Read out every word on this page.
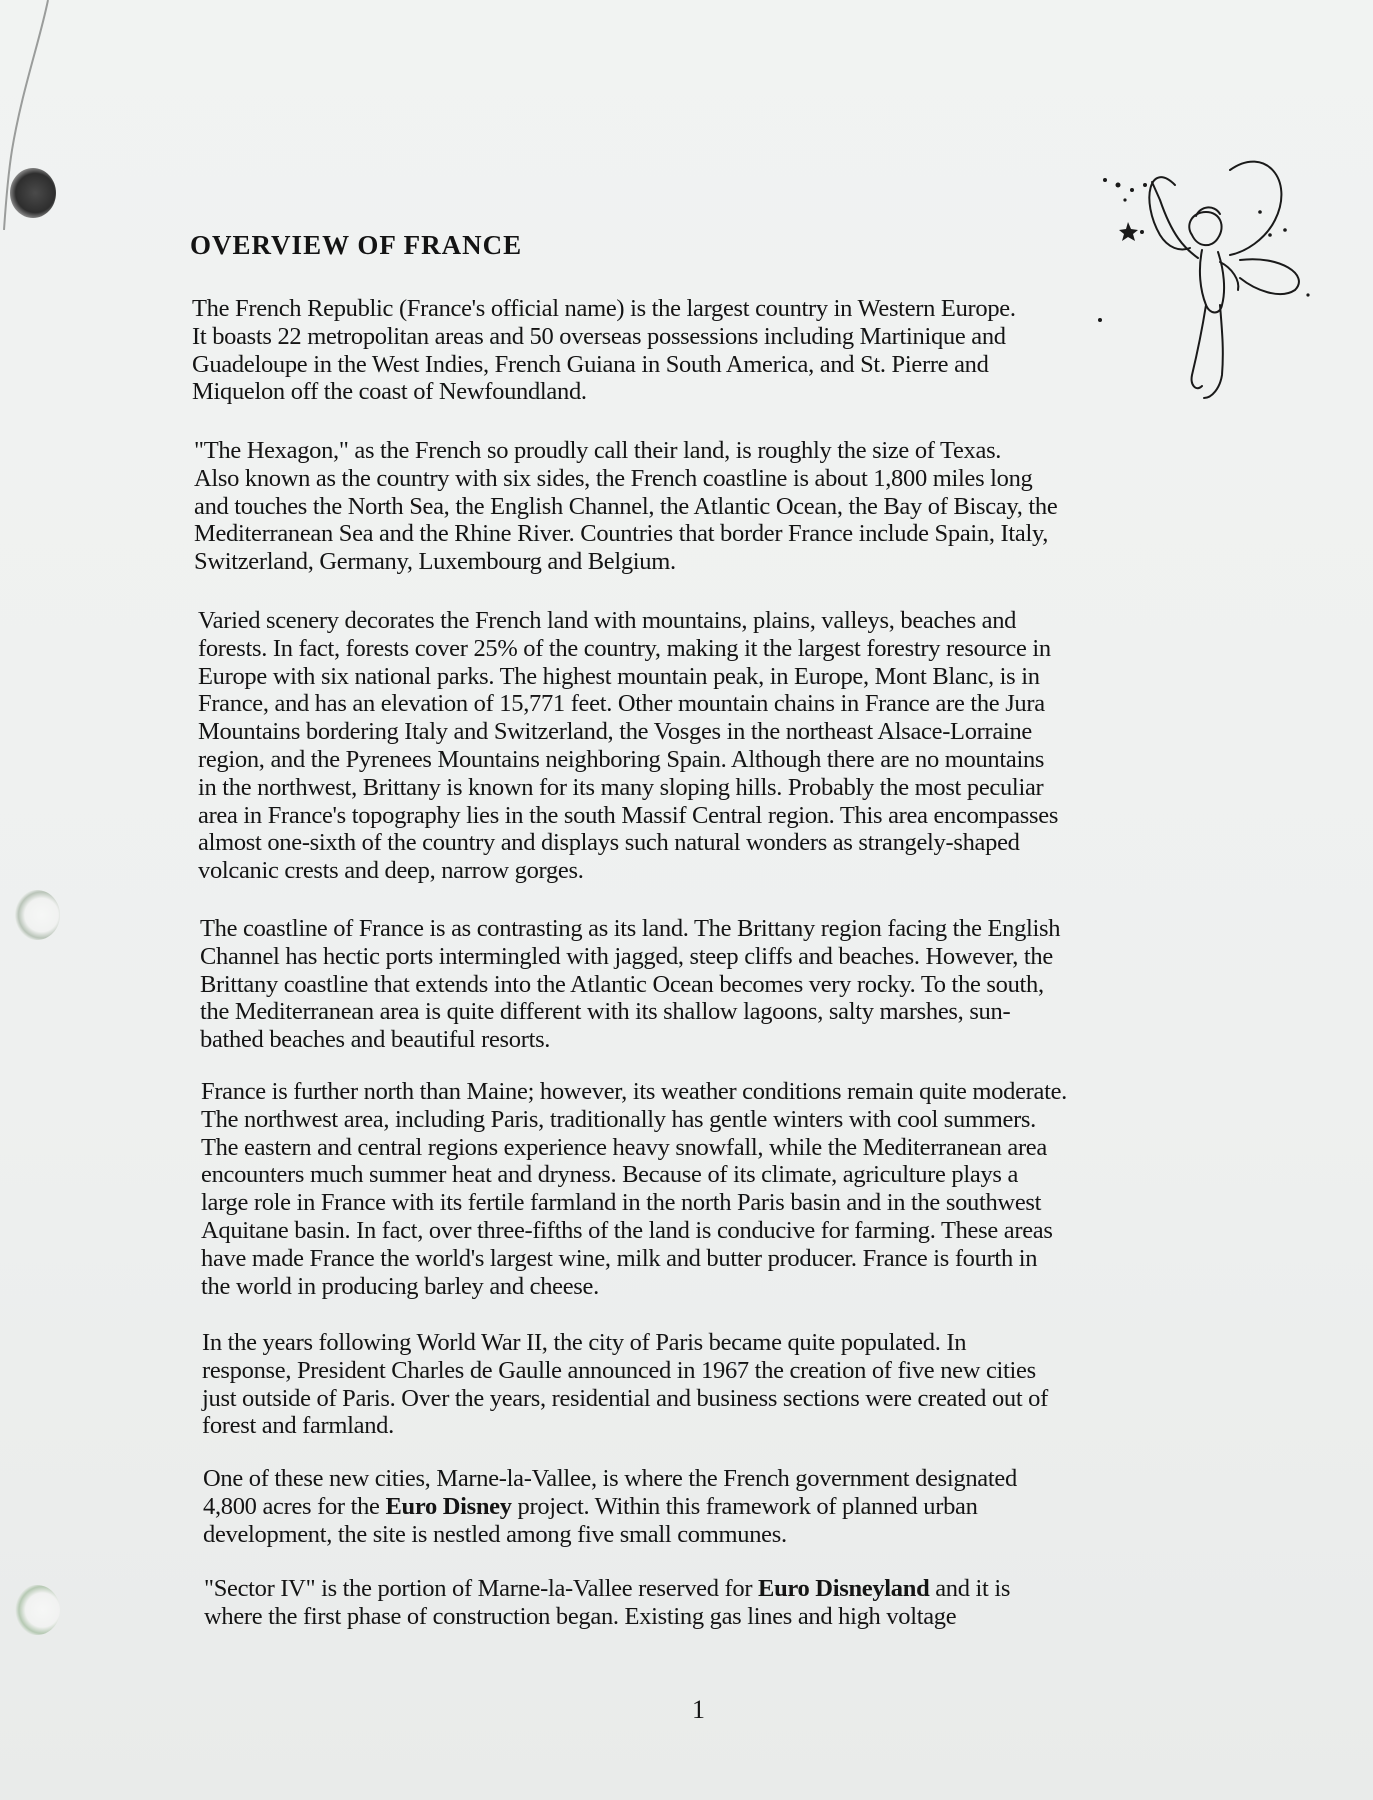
OVERVIEW OF FRANCE

The French Republic (France's official name) is the largest country in Western Europe.
It boasts 22 metropolitan areas and 50 overseas possessions including Martinique and
Guadeloupe in the West Indies, French Guiana in South America, and St. Pierre and
Miquelon off the coast of Newfoundland.

"The Hexagon," as the French so proudly call their land, is roughly the size of Texas.
Also known as the country with six sides, the French coastline is about 1,800 miles long
and touches the North Sea, the English Channel, the Atlantic Ocean, the Bay of Biscay, the
Mediterranean Sea and the Rhine River. Countries that border France include Spain, Italy,
Switzerland, Germany, Luxembourg and Belgium.

Varied scenery decorates the French land with mountains, plains, valleys, beaches and
forests. In fact, forests cover 25% of the country, making it the largest forestry resource in
Europe with six national parks. The highest mountain peak, in Europe, Mont Blanc, is in
France, and has an elevation of 15,771 feet. Other mountain chains in France are the Jura
Mountains bordering Italy and Switzerland, the Vosges in the northeast Alsace-Lorraine
region, and the Pyrenees Mountains neighboring Spain. Although there are no mountains
in the northwest, Brittany is known for its many sloping hills. Probably the most peculiar
area in France's topography lies in the south Massif Central region. This area encompasses
almost one-sixth of the country and displays such natural wonders as strangely-shaped
volcanic crests and deep, narrow gorges.

The coastline of France is as contrasting as its land. The Brittany region facing the English
Channel has hectic ports intermingled with jagged, steep cliffs and beaches. However, the
Brittany coastline that extends into the Atlantic Ocean becomes very rocky. To the south,
the Mediterranean area is quite different with its shallow lagoons, salty marshes, sun-
bathed beaches and beautiful resorts.

France is further north than Maine; however, its weather conditions remain quite moderate.
The northwest area, including Paris, traditionally has gentle winters with cool summers.
The eastern and central regions experience heavy snowfall, while the Mediterranean area
encounters much summer heat and dryness. Because of its climate, agriculture plays a
large role in France with its fertile farmland in the north Paris basin and in the southwest
Aquitane basin. In fact, over three-fifths of the land is conducive for farming. These areas
have made France the world's largest wine, milk and butter producer. France is fourth in
the world in producing barley and cheese.

In the years following World War II, the city of Paris became quite populated. In
response, President Charles de Gaulle announced in 1967 the creation of five new cities
just outside of Paris. Over the years, residential and business sections were created out of
forest and farmland.

One of these new cities, Marne-la-Vallee, is where the French government designated
4,800 acres for the Euro Disney project. Within this framework of planned urban
development, the site is nestled among five small communes.

"Sector IV" is the portion of Marne-la-Vallee reserved for Euro Disneyland and it is
where the first phase of construction began. Existing gas lines and high voltage

1
